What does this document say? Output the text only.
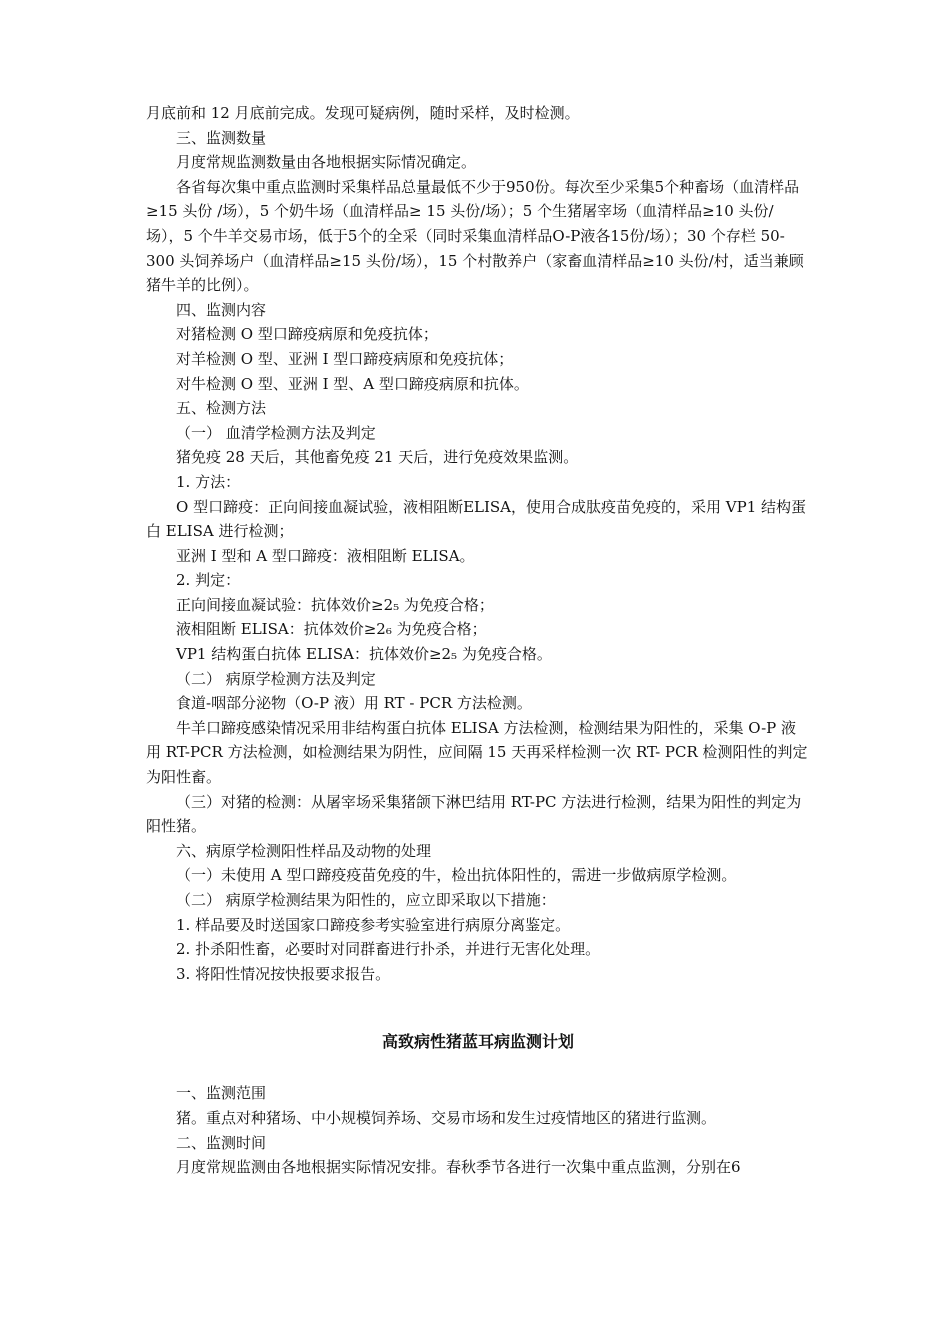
月底前和 12 月底前完成。发现可疑病例，随时采样，及时检测。

三、监测数量

月度常规监测数量由各地根据实际情况确定。

各省每次集中重点监测时采集样品总量最低不少于950份。每次至少采集5个种畜场（血清样品 ≥15 头份 /场），5 个奶牛场（血清样品≥ 15 头份/场）；5 个生猪屠宰场（血清样品≥10 头份/场），5 个牛羊交易市场，低于5个的全采（同时采集血清样品O-P液各15份/场）；30 个存栏 50-300 头饲养场户（血清样品≥15 头份/场），15 个村散养户（家畜血清样品≥10 头份/村，适当兼顾猪牛羊的比例）。

四、监测内容

对猪检测 O 型口蹄疫病原和免疫抗体；

对羊检测 O 型、亚洲 Ⅰ 型口蹄疫病原和免疫抗体；

对牛检测 O 型、亚洲 Ⅰ 型、A 型口蹄疫病原和抗体。

五、检测方法

（一） 血清学检测方法及判定

猪免疫 28 天后，其他畜免疫 21 天后，进行免疫效果监测。

1. 方法：

O 型口蹄疫：正向间接血凝试验，液相阻断ELISA，使用合成肽疫苗免疫的，采用 VP1 结构蛋白 ELISA 进行检测；

亚洲 Ⅰ 型和 A 型口蹄疫：液相阻断 ELISA。

2. 判定：

正向间接血凝试验：抗体效价≥2₅ 为免疫合格；

液相阻断 ELISA：抗体效价≥2₆ 为免疫合格；

VP1 结构蛋白抗体 ELISA：抗体效价≥2₅ 为免疫合格。

（二） 病原学检测方法及判定

食道-咽部分泌物（O-P 液）用 RT - PCR 方法检测。

牛羊口蹄疫感染情况采用非结构蛋白抗体 ELISA 方法检测，检测结果为阳性的，采集 O-P 液用 RT-PCR 方法检测，如检测结果为阴性，应间隔 15 天再采样检测一次 RT- PCR 检测阳性的判定为阳性畜。

（三）对猪的检测：从屠宰场采集猪颌下淋巴结用 RT-PC 方法进行检测，结果为阳性的判定为阳性猪。

六、病原学检测阳性样品及动物的处理

（一）未使用 A 型口蹄疫疫苗免疫的牛，检出抗体阳性的，需进一步做病原学检测。

（二） 病原学检测结果为阳性的，应立即采取以下措施：

1. 样品要及时送国家口蹄疫参考实验室进行病原分离鉴定。

2. 扑杀阳性畜，必要时对同群畜进行扑杀，并进行无害化处理。

3. 将阳性情况按快报要求报告。

高致病性猪蓝耳病监测计划

一、监测范围

猪。重点对种猪场、中小规模饲养场、交易市场和发生过疫情地区的猪进行监测。

二、监测时间

月度常规监测由各地根据实际情况安排。春秋季节各进行一次集中重点监测，分别在6
